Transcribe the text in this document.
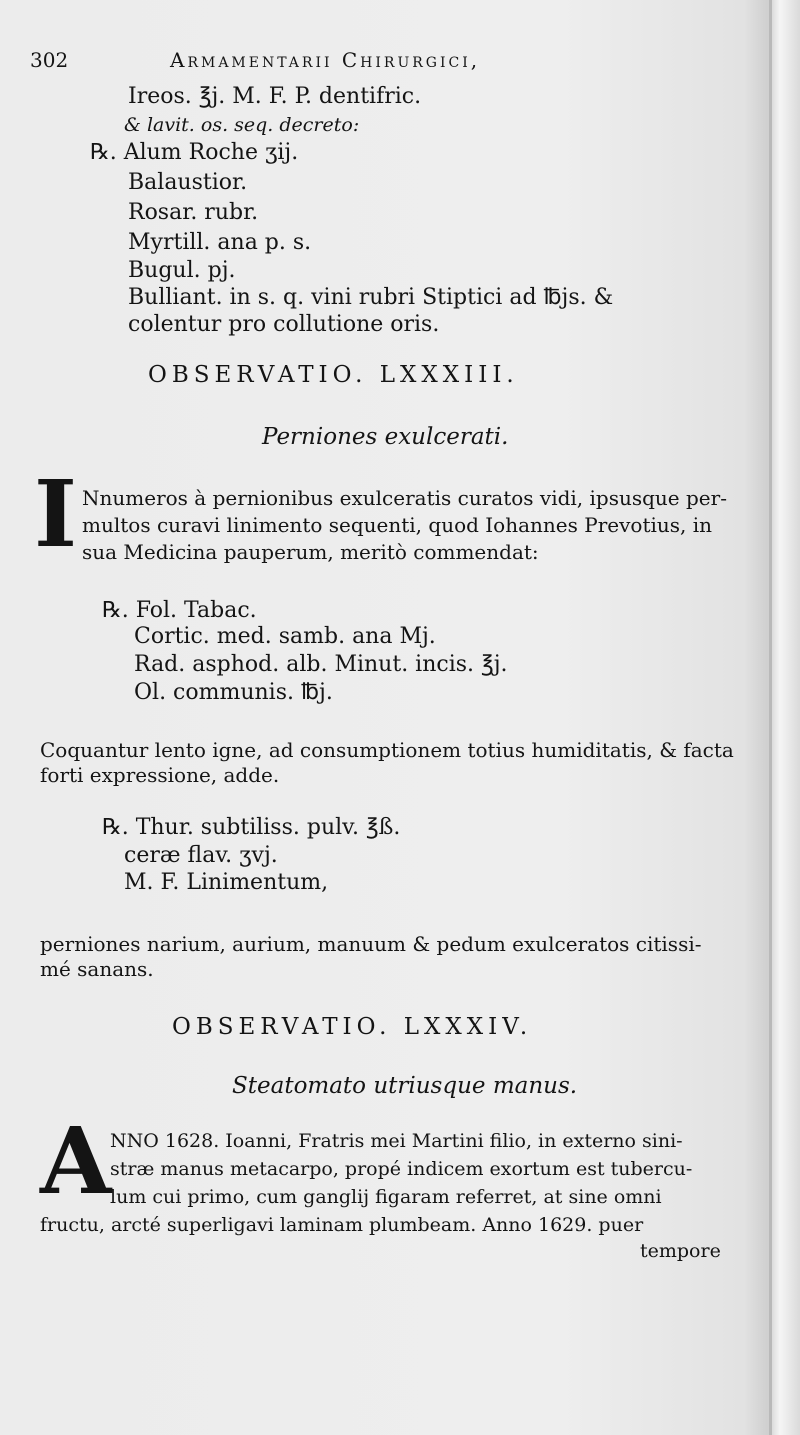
302	Armamentarii Chirurgici,
Ireos. ℥j. M. F. P. dentifric.
& lavit. os. seq. decreto:
℞. Alum Roche ʒij.
Balaustior.
Rosar. rubr.
Myrtill. ana p. s.
Bugul. pj.
Bulliant. in s. q. vini rubri Stiptici ad ℔js. &
colentur pro collutione oris.
OBSERVATIO. LXXXIII.
Perniones exulcerati.
I Nnumeros à pernionibus exulceratis curatos vidi, ipsusque per-
multos curavi linimento sequenti, quod Iohannes Prevotius, in
sua Medicina pauperum, meritò commendat:
℞. Fol. Tabac.
Cortic. med. samb. ana Mj.
Rad. asphod. alb. Minut. incis. ℥j.
Ol. communis. ℔j.
Coquantur lento igne, ad consumptionem totius humiditatis, & facta
forti expressione, adde.
℞. Thur. subtiliss. pulv. ℥ß.
ceræ flav. ʒvj.
M. F. Linimentum,
perniones narium, aurium, manuum & pedum exulceratos citissi-
mé sanans.
OBSERVATIO. LXXXIV.
Steatomato utriusque manus.
A
NNO 1628. Ioanni, Fratris mei Martini filio, in externo sini-
stræ manus metacarpo, propé indicem exortum est tubercu-
lum cui primo, cum ganglij figaram referret, at sine omni
fructu, arcté superligavi laminam plumbeam. Anno 1629. puer
tempore
